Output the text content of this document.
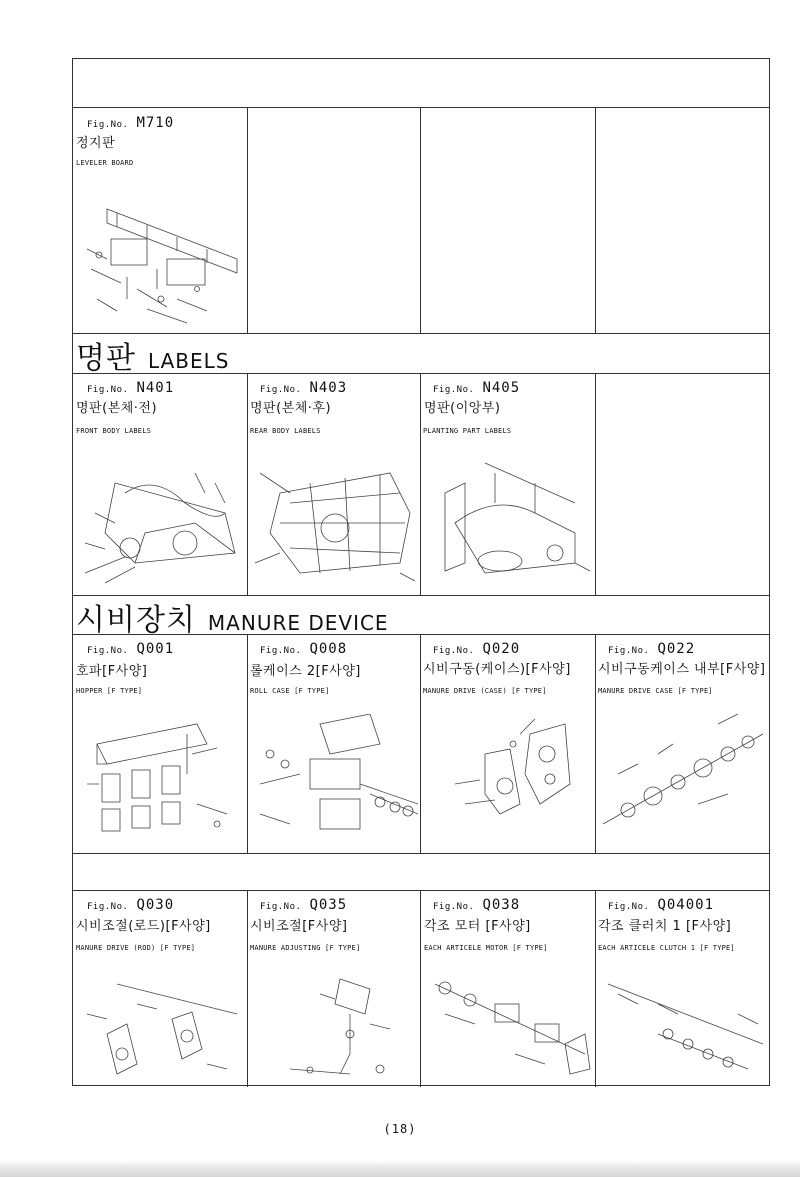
명판 LABELS
시비장치 MANURE DEVICE
Fig.No. M710
정지판
LEVELER BOARD
Fig.No. N401
명판(본체·전)
FRONT BODY LABELS
Fig.No. N403
명판(본체·후)
REAR BODY LABELS
Fig.No. N405
명판(이앙부)
PLANTING PART LABELS
Fig.No. Q001
호파[F사양]
HOPPER [F TYPE]
Fig.No. Q008
롤케이스 2[F사양]
ROLL CASE [F TYPE]
Fig.No. Q020
시비구동(케이스)[F사양]
MANURE DRIVE (CASE) [F TYPE]
Fig.No. Q022
시비구동케이스 내부[F사양]
MANURE DRIVE CASE [F TYPE]
Fig.No. Q030
시비조절(로드)[F사양]
MANURE DRIVE (ROD) [F TYPE]
Fig.No. Q035
시비조절[F사양]
MANURE ADJUSTING [F TYPE]
Fig.No. Q038
각조 모터 [F사양]
EACH ARTICELE MOTOR [F TYPE]
Fig.No. Q04001
각조 클러치 1 [F사양]
EACH ARTICELE CLUTCH 1 [F TYPE]
(18)
